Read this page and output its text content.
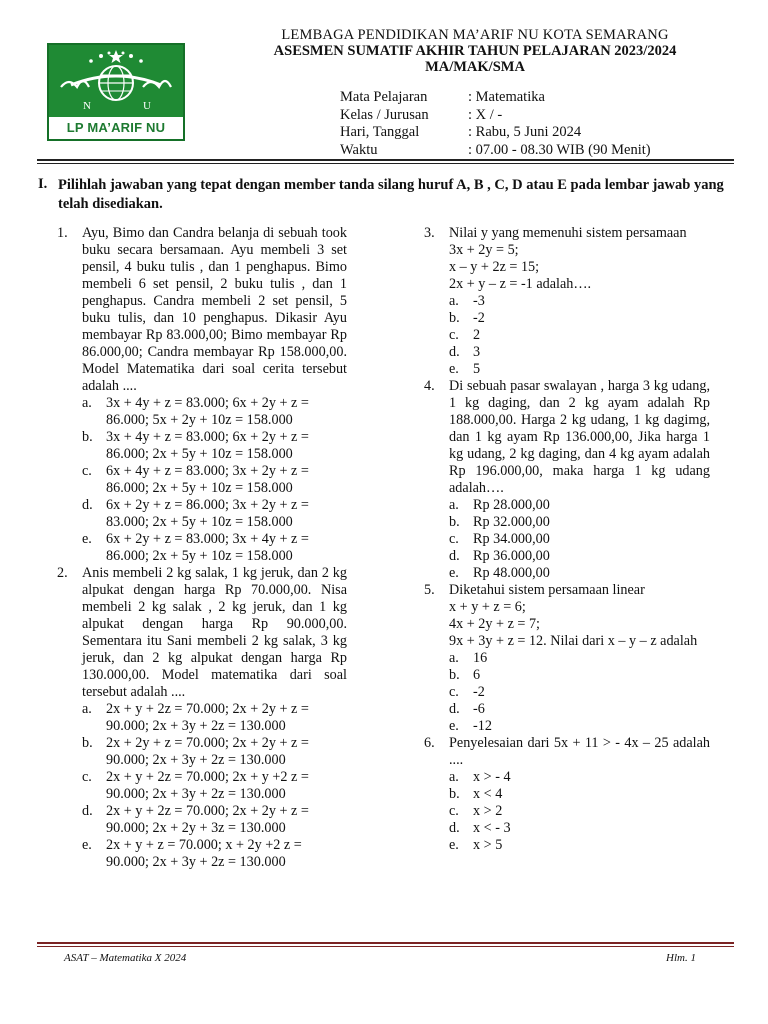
N	U
LP MA’ARIF NU
LEMBAGA PENDIDIKAN MA’ARIF NU KOTA SEMARANG
ASESMEN SUMATIF AKHIR TAHUN PELAJARAN 2023/2024
MA/MAK/SMA
Mata Pelajaran	: Matematika
Kelas / Jurusan	: X / -
Hari, Tanggal	: Rabu, 5 Juni 2024
Waktu	: 07.00 - 08.30 WIB (90 Menit)
I. Pilihlah jawaban yang tepat dengan member tanda silang huruf A, B , C, D atau E pada lembar jawab yang telah disediakan.
1. Ayu, Bimo dan Candra belanja di sebuah took buku secara bersamaan. Ayu membeli 3 set pensil, 4 buku tulis , dan 1 penghapus. Bimo membeli 6 set pensil, 2 buku tulis , dan 1 penghapus. Candra membeli 2 set pensil, 5 buku tulis, dan 10 penghapus. Dikasir Ayu membayar Rp 83.000,00; Bimo membayar Rp 86.000,00; Candra membayar Rp 158.000,00. Model Matematika dari soal cerita tersebut adalah ....
a. 3x + 4y + z = 83.000; 6x + 2y + z =
86.000; 5x + 2y + 10z = 158.000
b. 3x + 4y + z = 83.000; 6x + 2y + z =
86.000; 2x + 5y + 10z = 158.000
c. 6x + 4y + z = 83.000; 3x + 2y + z =
86.000; 2x + 5y + 10z = 158.000
d. 6x + 2y + z = 86.000; 3x + 2y + z =
83.000; 2x + 5y + 10z = 158.000
e. 6x + 2y + z = 83.000; 3x + 4y + z =
86.000; 2x + 5y + 10z = 158.000
2. Anis membeli 2 kg salak, 1 kg jeruk, dan 2 kg alpukat dengan harga Rp 70.000,00. Nisa membeli 2 kg salak , 2 kg jeruk, dan 1 kg alpukat dengan harga Rp 90.000,00. Sementara itu Sani membeli 2 kg salak, 3 kg jeruk, dan 2 kg alpukat dengan harga Rp 130.000,00. Model matematika dari soal tersebut adalah ....
a. 2x + y + 2z = 70.000; 2x + 2y + z =
90.000; 2x + 3y + 2z = 130.000
b. 2x + 2y + z = 70.000; 2x + 2y + z =
90.000; 2x + 3y + 2z = 130.000
c. 2x + y + 2z = 70.000; 2x + y +2 z =
90.000; 2x + 3y + 2z = 130.000
d. 2x + y + 2z = 70.000; 2x + 2y + z =
90.000; 2x + 2y + 3z = 130.000
e. 2x + y + z = 70.000; x + 2y +2 z =
90.000; 2x + 3y + 2z = 130.000
3. Nilai y yang memenuhi sistem persamaan
3x + 2y = 5;
x – y + 2z = 15;
2x + y – z = -1 adalah….
a. -3
b. -2
c. 2
d. 3
e. 5
4. Di sebuah pasar swalayan , harga 3 kg udang, 1 kg daging, dan 2 kg ayam adalah Rp 188.000,00. Harga 2 kg udang, 1 kg dagimg, dan 1 kg ayam Rp 136.000,00, Jika harga 1 kg udang, 2 kg daging, dan 4 kg ayam adalah Rp 196.000,00, maka harga 1 kg udang adalah….
a. Rp 28.000,00
b. Rp 32.000,00
c. Rp 34.000,00
d. Rp 36.000,00
e. Rp 48.000,00
5. Diketahui sistem persamaan linear
x + y + z = 6;
4x + 2y + z = 7;
9x + 3y + z = 12. Nilai dari x – y – z adalah
a. 16
b. 6
c. -2
d. -6
e. -12
6. Penyelesaian dari 5x + 11 > - 4x – 25 adalah ....
a. x > - 4
b. x < 4
c. x > 2
d. x < - 3
e. x > 5
ASAT – Matematika X 2024	Hlm. 1
